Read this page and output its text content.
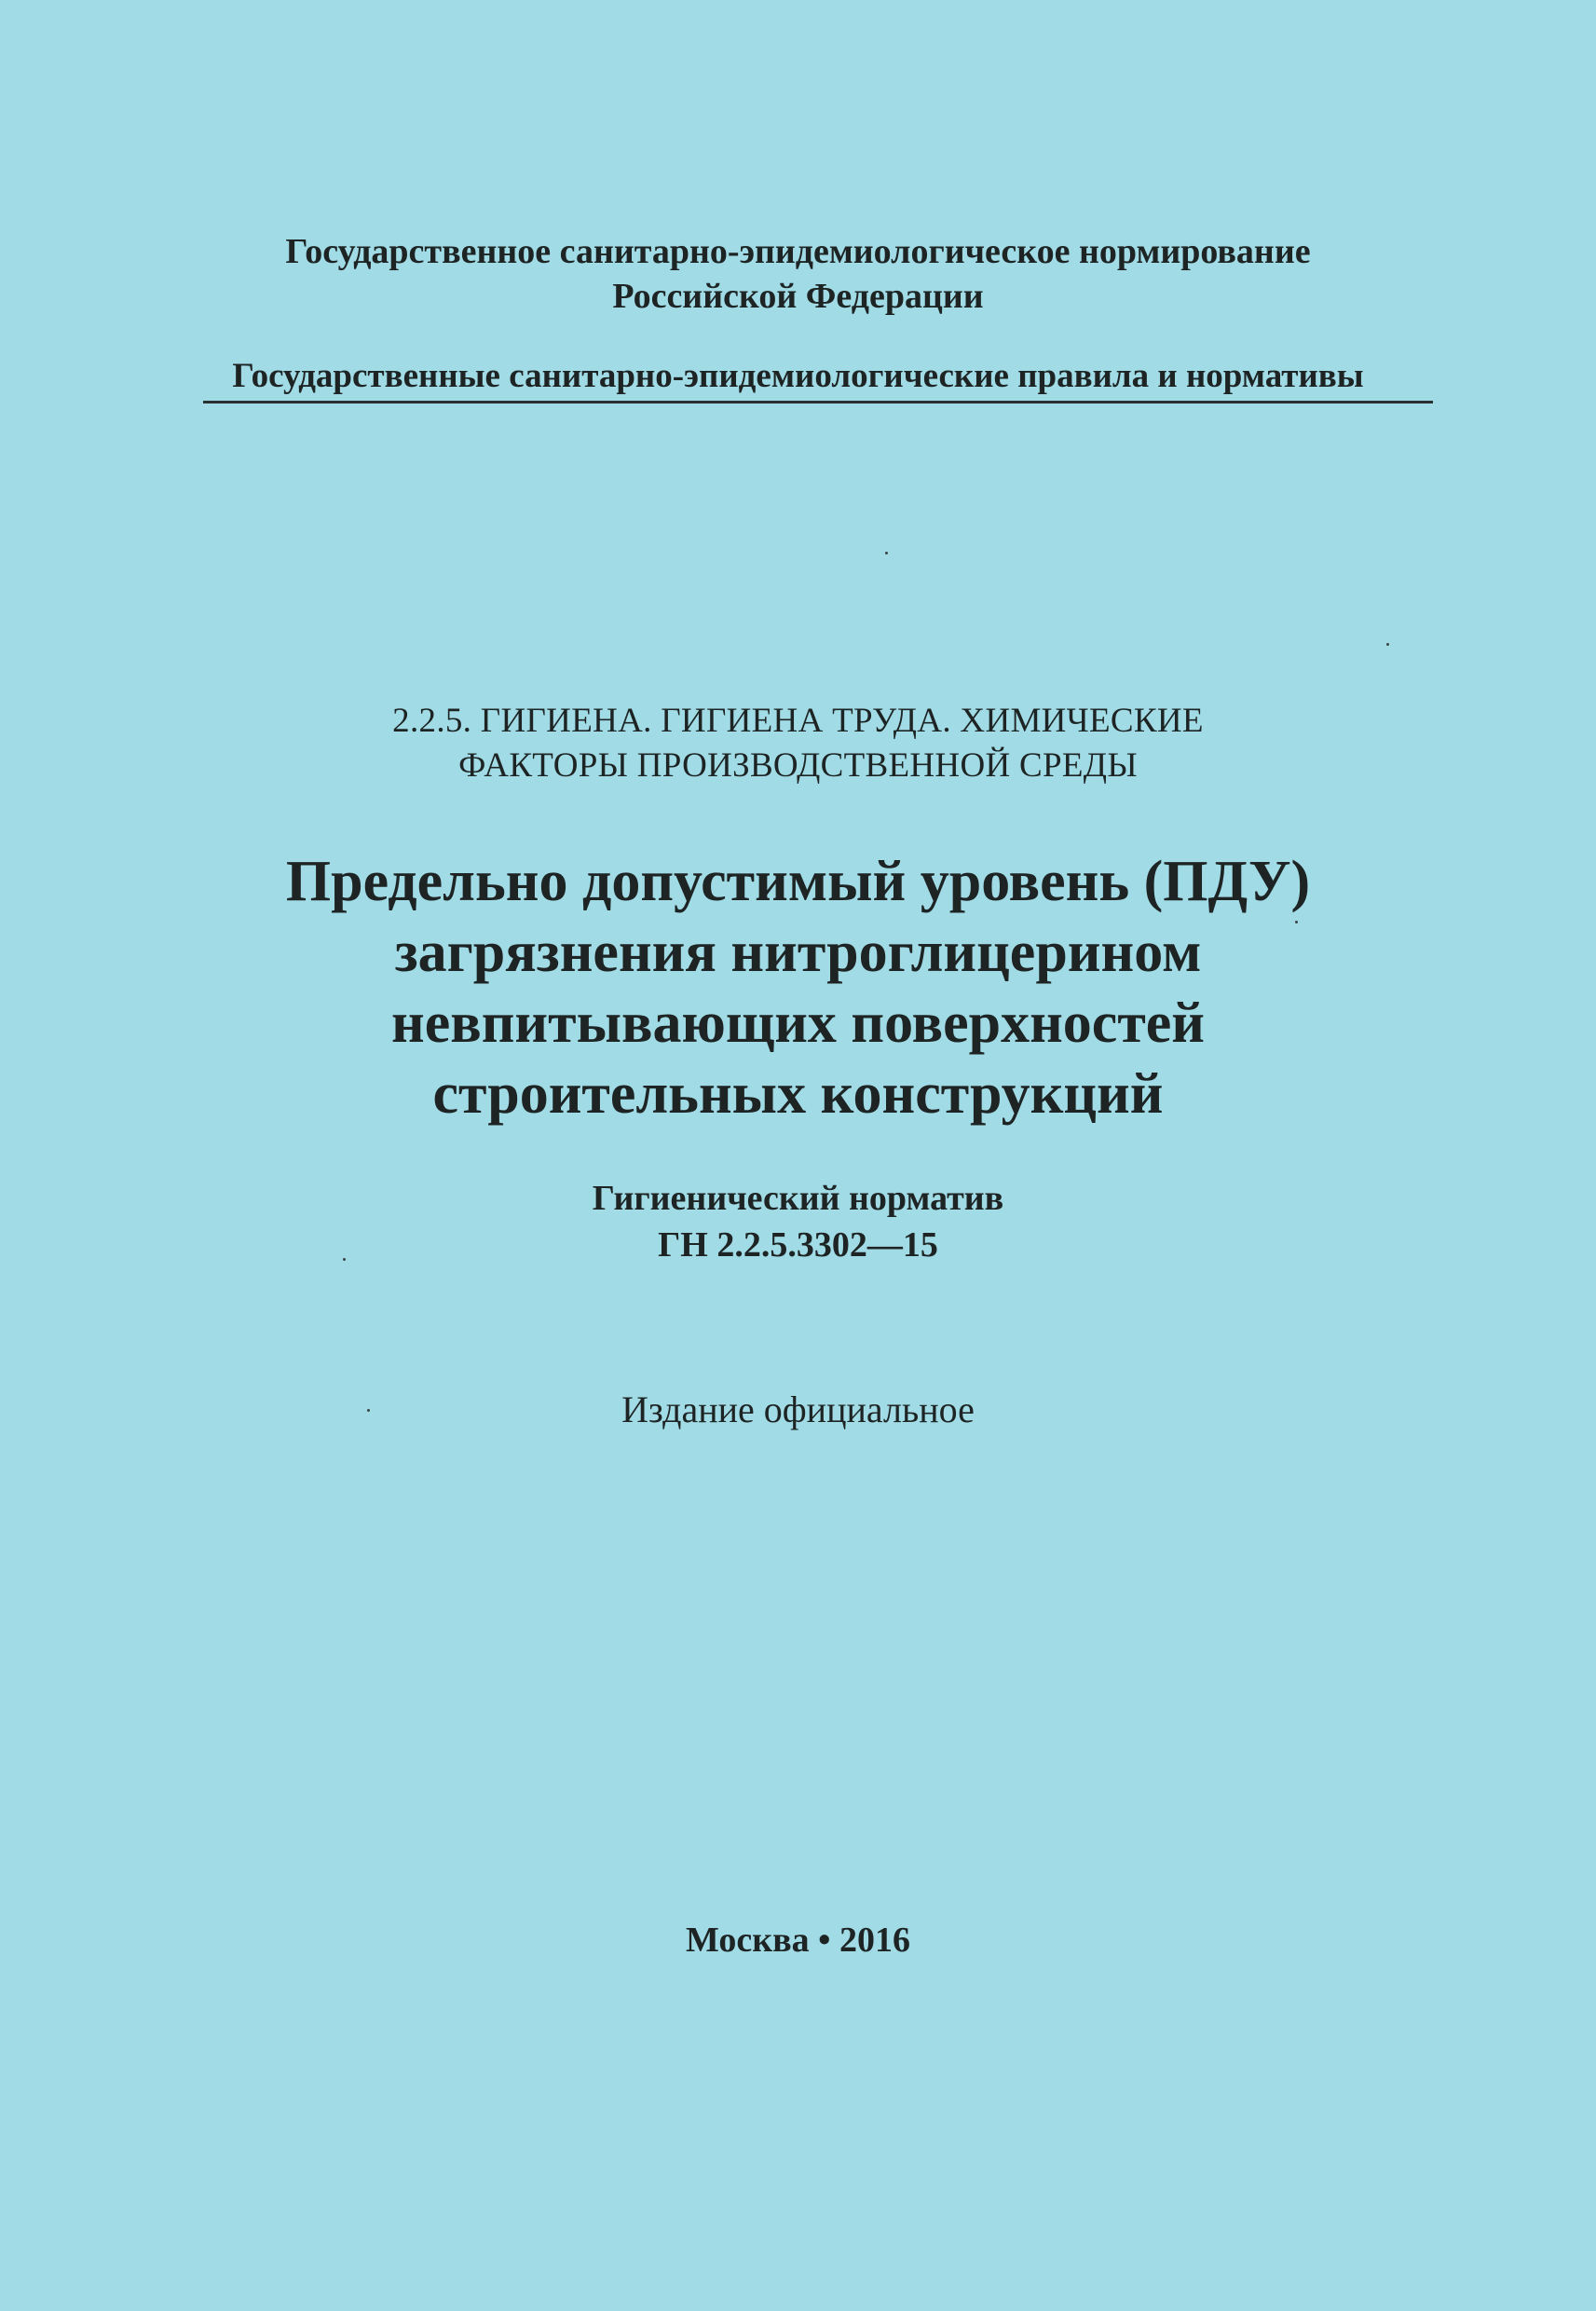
Государственное санитарно-эпидемиологическое нормирование
Российской Федерации
Государственные санитарно-эпидемиологические правила и нормативы
2.2.5. ГИГИЕНА. ГИГИЕНА ТРУДА. ХИМИЧЕСКИЕ
ФАКТОРЫ ПРОИЗВОДСТВЕННОЙ СРЕДЫ
Предельно допустимый уровень (ПДУ)
загрязнения нитроглицерином
невпитывающих поверхностей
строительных конструкций
Гигиенический норматив
ГН 2.2.5.3302—15
Издание официальное
Москва • 2016
